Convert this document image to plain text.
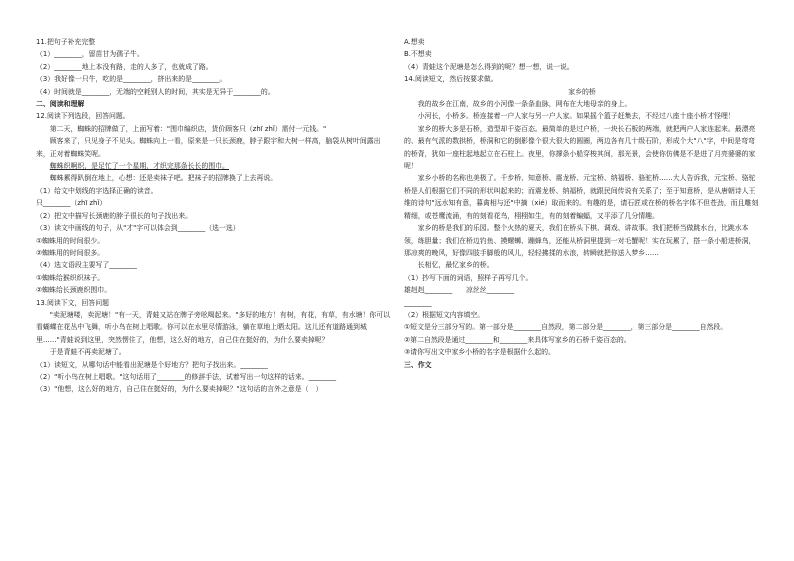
11.把句子补充完整
（1）________，留苗甘为孺子牛。
（2）________地上本没有路，走的人多了，也就成了路。
（3）我好像一只牛，吃的是________，挤出来的是________。
（4）时间就是________，无端的空耗别人的时间，其实是无异于________的。
二、阅读和理解
12.阅读下列选段，回答问题。
第二天，蜘蛛的招牌做了，上面写着："围巾编织店，货价顾客只（zhī zhǐ）需付一元钱。"
顾客来了，只见身子不见头。蜘蛛向上一看，原来是一只长颈鹿，脖子跟宇和大树一样高，脑袋从树叶间露出来，正对着蜘蛛笑呢。
蜘蛛织啊织，是足忙了一个星期，才织完那条长长的围巾。
蜘蛛累得趴倒在地上，心想：还是卖袜子吧。把袜子的招牌换了上去再说。
（1）给文中划线的字选择正确的读音。
只________（zhī zhǐ）
（2）把文中描写长颈鹿的脖子很长的句子找出来。
（3）读文中画线的句子，从"才"字可以体会到________（选一选）
①蜘蛛用的时间很少。
②蜘蛛用的时间很多。
（4）选文语段主要写了________
①蜘蛛给猴织织袜子。
②蜘蛛给长颈鹿织围巾。
13.阅读下文，回答问题
"卖泥塘喽，卖泥塘！"有一天，青蛙又站在牌子旁吆喝起来。"多好的地方！有树，有花，有草，有水塘！你可以看蝴蝶在花丛中飞舞，听小鸟在树上唱歌。你可以在水里尽情游泳，躺在草地上晒太阳。这儿还有道路通到城里……"青蛙说到这里，突然愣住了，他想，这么好的地方，自己住在挺好的，为什么要卖掉呢？
于是青蛙不再卖泥塘了。
（1）读短文，从哪句话中能看出泥塘是个好地方？把句子找出来。________
（2）"听小鸟在树上唱歌。"这句话用了________的修辞手法，试着写出一句这样的话来。________
（3）"他想，这么好的地方，自己住在挺好的，为什么要卖掉呢？"这句话的言外之意是（　）
A.想卖
B.不想卖
（4）青蛙这个泥塘是怎么得到的呢？想一想，说一说。
14.阅读短文，然后按要求做。
家乡的桥
我的故乡在江南，故乡的小河像一条条血脉，网布在大地母亲的身上。
小河长，小桥多。桥连接着一户人家与另一户人家。如果摇个篮子赶集去，不经过八座十座小桥才怪哩！
家乡的桥大多是石桥，造型却千姿百态。最简单的是过户桥，一块长石板的两端，就把两户人家连起来。最漂亮的、最有气派的数拱桥，桥洞和它的倒影像个很大很大的圆圈，两边各有几十级石阶，形成个大"八"字，中间是弯弯的桥背，犹如一座柱起地起立在石柱上。夜里，你撑条小船穿梭其间，那光景，会使你仿佛是不是进了月亮婆婆的家呢！
家乡小桥的名称也美极了。千步桥、知意桥、震龙桥、元宝桥、纳福桥、骆驼桥……大人告诉我，元宝桥、骆驼桥是人们根据它们不同的形状叫起来的；而震龙桥、纳福桥，就跟民间传说有关系了；至于知意桥，是从唐朝诗人王维的诗句"远水知有意，暮禽相与还"中摘（xié）取而来的。有趣的是，请石匠或在桥的桥名字体不但苍劲，而且雕刻精细，或苍鹰流涌，有的刻看花鸟，栩栩如生，有的刻着蝙蝠，又平添了几分情趣。
家乡的桥是我们的乐园。整个火热的夏天，我们在桥头下棋、调戏、讲故事。我们把桥当做跳水台，比跳水本领，练胆量；我们在桥边钓鱼、摸螺蛳、蹦蜂鸟，还能从桥洞里提到一对毛蟹呢！实在玩累了，搭一条小船进桥洞，那凉爽的晚风，好像四肢手脚般的风儿，轻轻拂揉的水浪，转瞬就把你送入梦乡……
长相忆，最忆家乡的桥。
（1）抄写下面的词语，照样子再写几个。
雄赳赳________　　凉丝丝________
________
（2）根据短文内容填空。
①短文是分三部分写的。第一部分是________自然段，第二部分是________，第三部分是________自然段。
②第二自然段是通过________和________来具体写家乡的石桥千姿百态的。
③请你写出文中家乡小桥的名字是根据什么起的。
三、作文
